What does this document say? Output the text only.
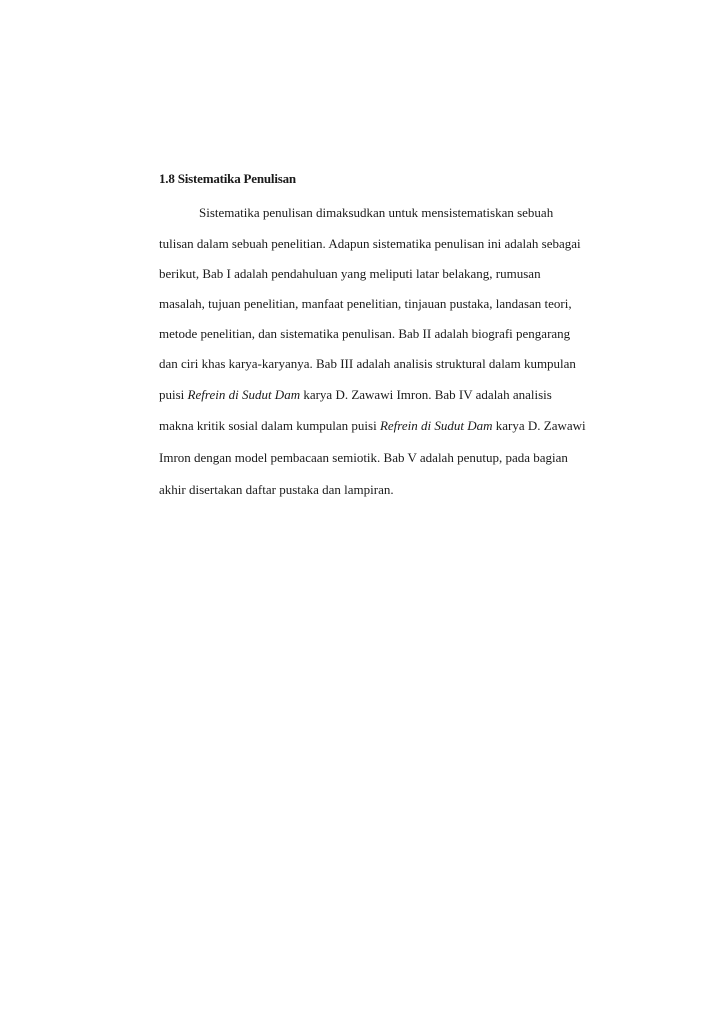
1.8 Sistematika Penulisan
Sistematika penulisan dimaksudkan untuk mensistematiskan sebuah
tulisan dalam sebuah penelitian. Adapun sistematika penulisan ini adalah sebagai
berikut, Bab I adalah pendahuluan yang meliputi latar belakang, rumusan
masalah, tujuan penelitian, manfaat penelitian, tinjauan pustaka, landasan teori,
metode penelitian, dan sistematika penulisan. Bab II adalah biografi pengarang
dan ciri khas karya-karyanya. Bab III adalah analisis struktural dalam kumpulan
puisi Refrein di Sudut Dam karya D. Zawawi Imron. Bab IV adalah analisis
makna kritik sosial dalam kumpulan puisi Refrein di Sudut Dam karya D. Zawawi
Imron dengan model pembacaan semiotik. Bab V adalah penutup, pada bagian
akhir disertakan daftar pustaka dan lampiran.
